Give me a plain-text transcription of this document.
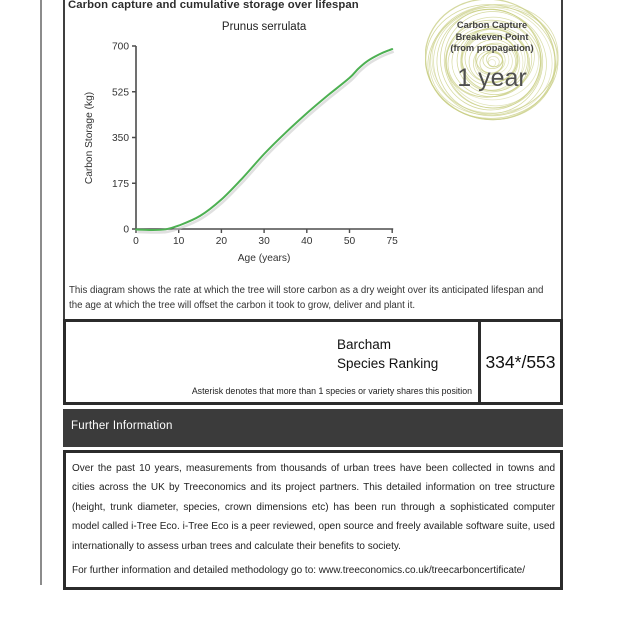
Carbon capture and cumulative storage over lifespan
Prunus serrulata
Carbon Storage (kg)
Age (years)
0
175
350
525
700
0	10	20	30	40	50	75
Carbon Capture
Breakeven Point
(from propagation)
1 year

This diagram shows the rate at which the tree will store carbon as a dry weight over its anticipated lifespan and the age at which the tree will offset the carbon it took to grow, deliver and plant it.

Barcham
Species Ranking
Asterisk denotes that more than 1 species or variety shares this position
334*/553
Further Information

Over the past 10 years, measurements from thousands of urban trees have been collected in towns and cities across the UK by Treeconomics and its project partners. This detailed information on tree structure (height, trunk diameter, species, crown dimensions etc) has been run through a sophisticated computer model called i-Tree Eco. i-Tree Eco is a peer reviewed, open source and freely available software suite, used internationally to assess urban trees and calculate their benefits to society.

For further information and detailed methodology go to: www.treeconomics.co.uk/treecarboncertificate/
